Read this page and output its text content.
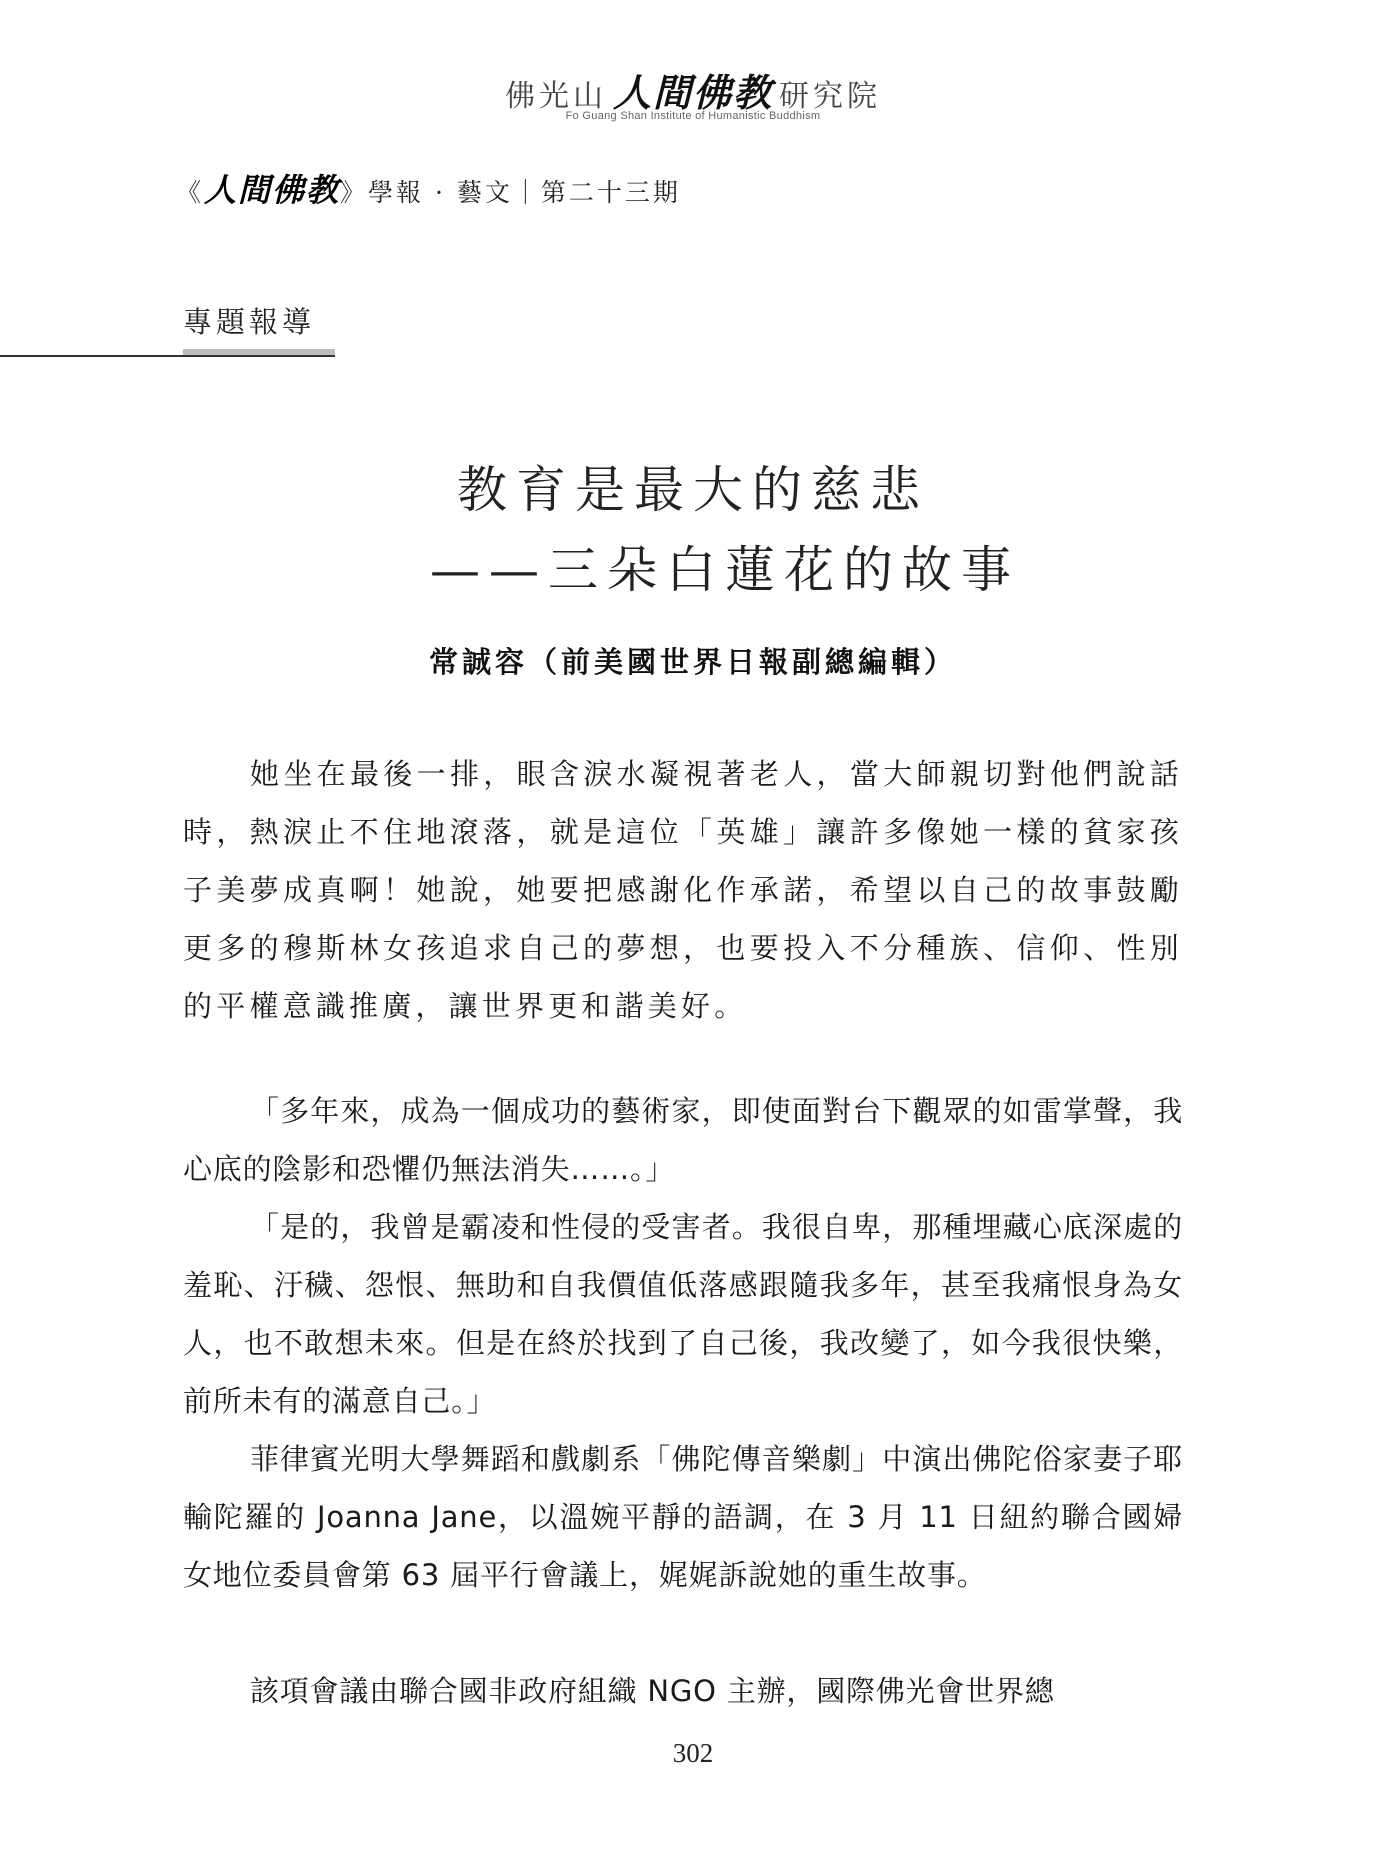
佛光山 人間佛教 研究院
Fo Guang Shan Institute of Humanistic Buddhism
《人間佛教》學報 · 藝文｜第二十三期
專題報導
教育是最大的慈悲
——三朵白蓮花的故事
常誠容（前美國世界日報副總編輯）

她坐在最後一排，眼含淚水凝視著老人，當大師親切對他們說話時，熱淚止不住地滾落，就是這位「英雄」讓許多像她一樣的貧家孩子美夢成真啊！她說，她要把感謝化作承諾，希望以自己的故事鼓勵更多的穆斯林女孩追求自己的夢想，也要投入不分種族、信仰、性別的平權意識推廣，讓世界更和諧美好。

「多年來，成為一個成功的藝術家，即使面對台下觀眾的如雷掌聲，我心底的陰影和恐懼仍無法消失……。」

「是的，我曾是霸凌和性侵的受害者。我很自卑，那種埋藏心底深處的羞恥、汙穢、怨恨、無助和自我價值低落感跟隨我多年，甚至我痛恨身為女人，也不敢想未來。但是在終於找到了自己後，我改變了，如今我很快樂，前所未有的滿意自己。」

菲律賓光明大學舞蹈和戲劇系「佛陀傳音樂劇」中演出佛陀俗家妻子耶輸陀羅的 Joanna Jane，以溫婉平靜的語調，在 3 月 11 日紐約聯合國婦女地位委員會第 63 屆平行會議上，娓娓訴說她的重生故事。

該項會議由聯合國非政府組織 NGO 主辦，國際佛光會世界總

302
